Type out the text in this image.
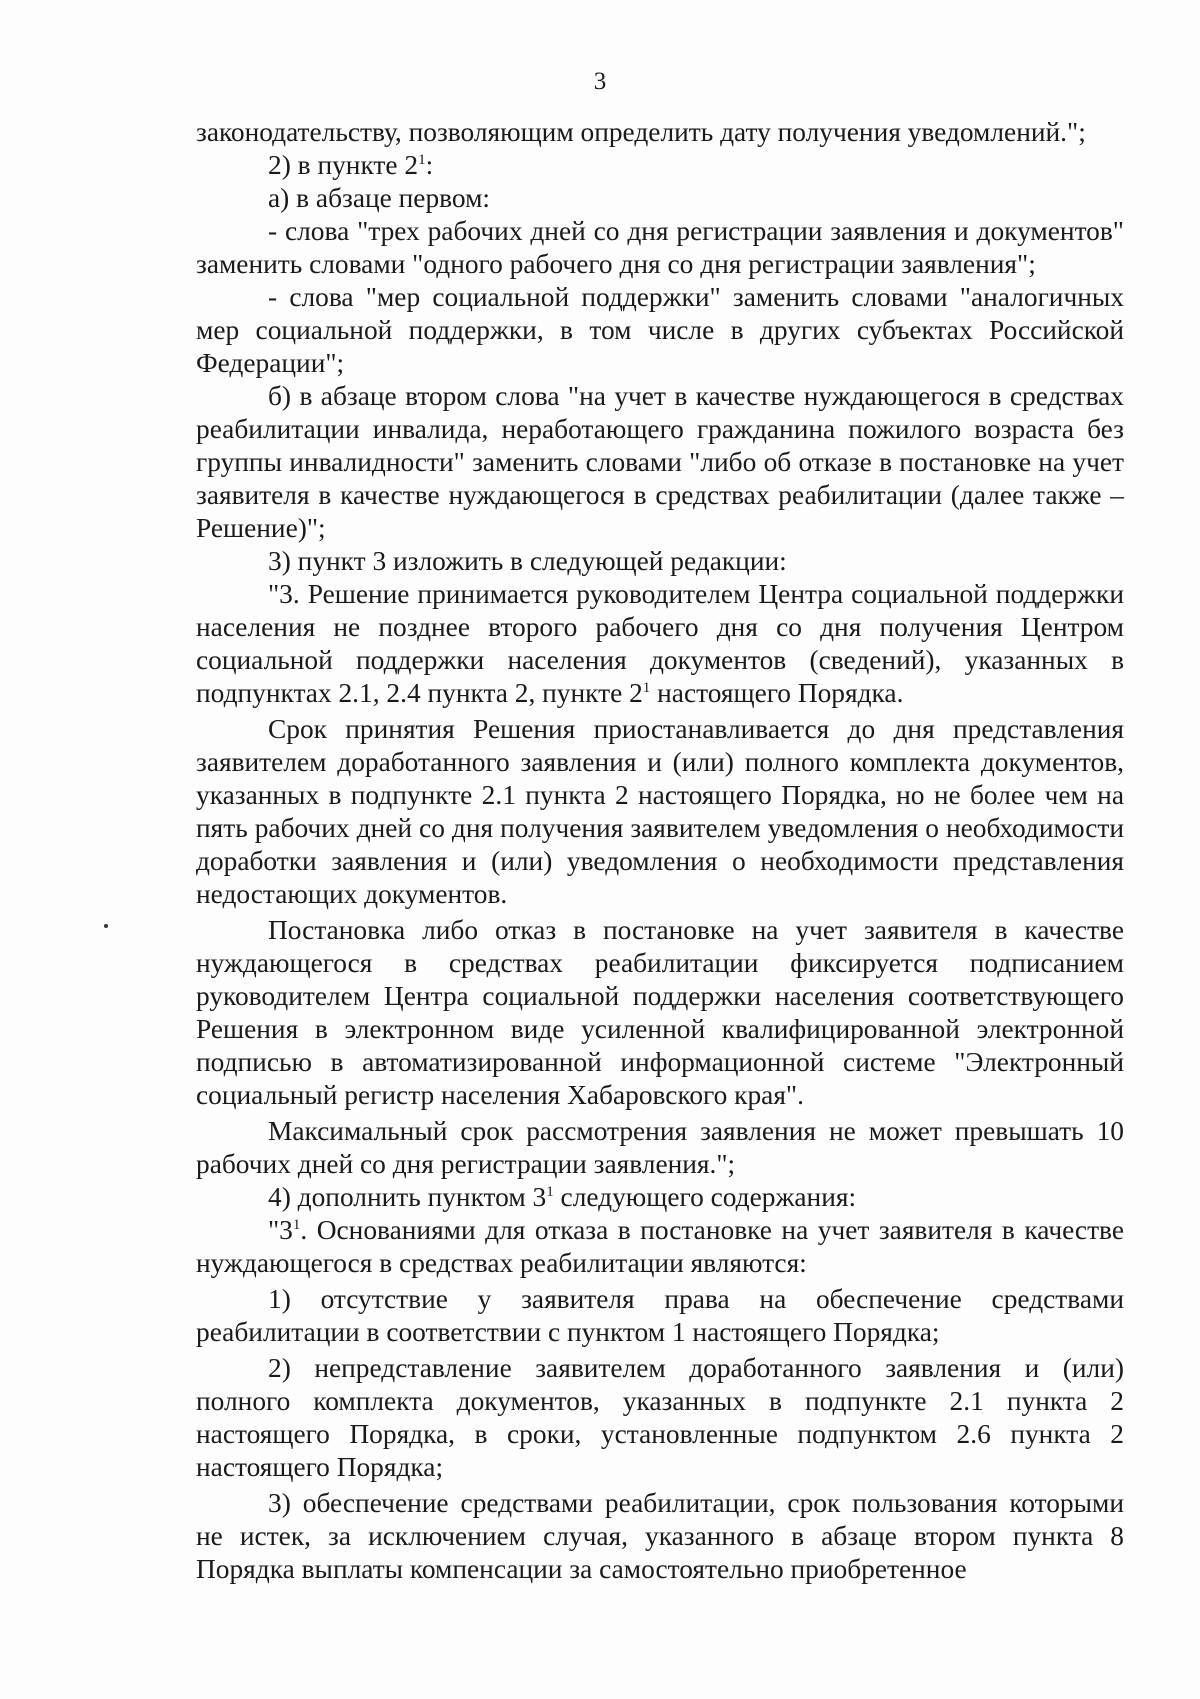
3

законодательству, позволяющим определить дату получения уведомлений.";

2) в пункте $2^1$:

а) в абзаце первом:

- слова "трех рабочих дней со дня регистрации заявления и документов" заменить словами "одного рабочего дня со дня регистрации заявления";

- слова "мер социальной поддержки" заменить словами "аналогичных мер социальной поддержки, в том числе в других субъектах Российской Федерации";

б) в абзаце втором слова "на учет в качестве нуждающегося в средствах реабилитации инвалида, неработающего гражданина пожилого возраста без группы инвалидности" заменить словами "либо об отказе в постановке на учет заявителя в качестве нуждающегося в средствах реабилитации (далее также – Решение)";

3) пункт 3 изложить в следующей редакции:

"3. Решение принимается руководителем Центра социальной поддержки населения не позднее второго рабочего дня со дня получения Центром социальной поддержки населения документов (сведений), указанных в подпунктах 2.1, 2.4 пункта 2, пункте $2^1$ настоящего Порядка.

Срок принятия Решения приостанавливается до дня представления заявителем доработанного заявления и (или) полного комплекта документов, указанных в подпункте 2.1 пункта 2 настоящего Порядка, но не более чем на пять рабочих дней со дня получения заявителем уведомления о необходимости доработки заявления и (или) уведомления о необходимости представления недостающих документов.

Постановка либо отказ в постановке на учет заявителя в качестве нуждающегося в средствах реабилитации фиксируется подписанием руководителем Центра социальной поддержки населения соответствующего Решения в электронном виде усиленной квалифицированной электронной подписью в автоматизированной информационной системе "Электронный социальный регистр населения Хабаровского края".

Максимальный срок рассмотрения заявления не может превышать 10 рабочих дней со дня регистрации заявления.";

4) дополнить пунктом $3^1$ следующего содержания:

"$3^1$. Основаниями для отказа в постановке на учет заявителя в качестве нуждающегося в средствах реабилитации являются:

1) отсутствие у заявителя права на обеспечение средствами реабилитации в соответствии с пунктом 1 настоящего Порядка;

2) непредставление заявителем доработанного заявления и (или) полного комплекта документов, указанных в подпункте 2.1 пункта 2 настоящего Порядка, в сроки, установленные подпунктом 2.6 пункта 2 настоящего Порядка;

3) обеспечение средствами реабилитации, срок пользования которыми не истек, за исключением случая, указанного в абзаце втором пункта 8 Порядка выплаты компенсации за самостоятельно приобретенное
